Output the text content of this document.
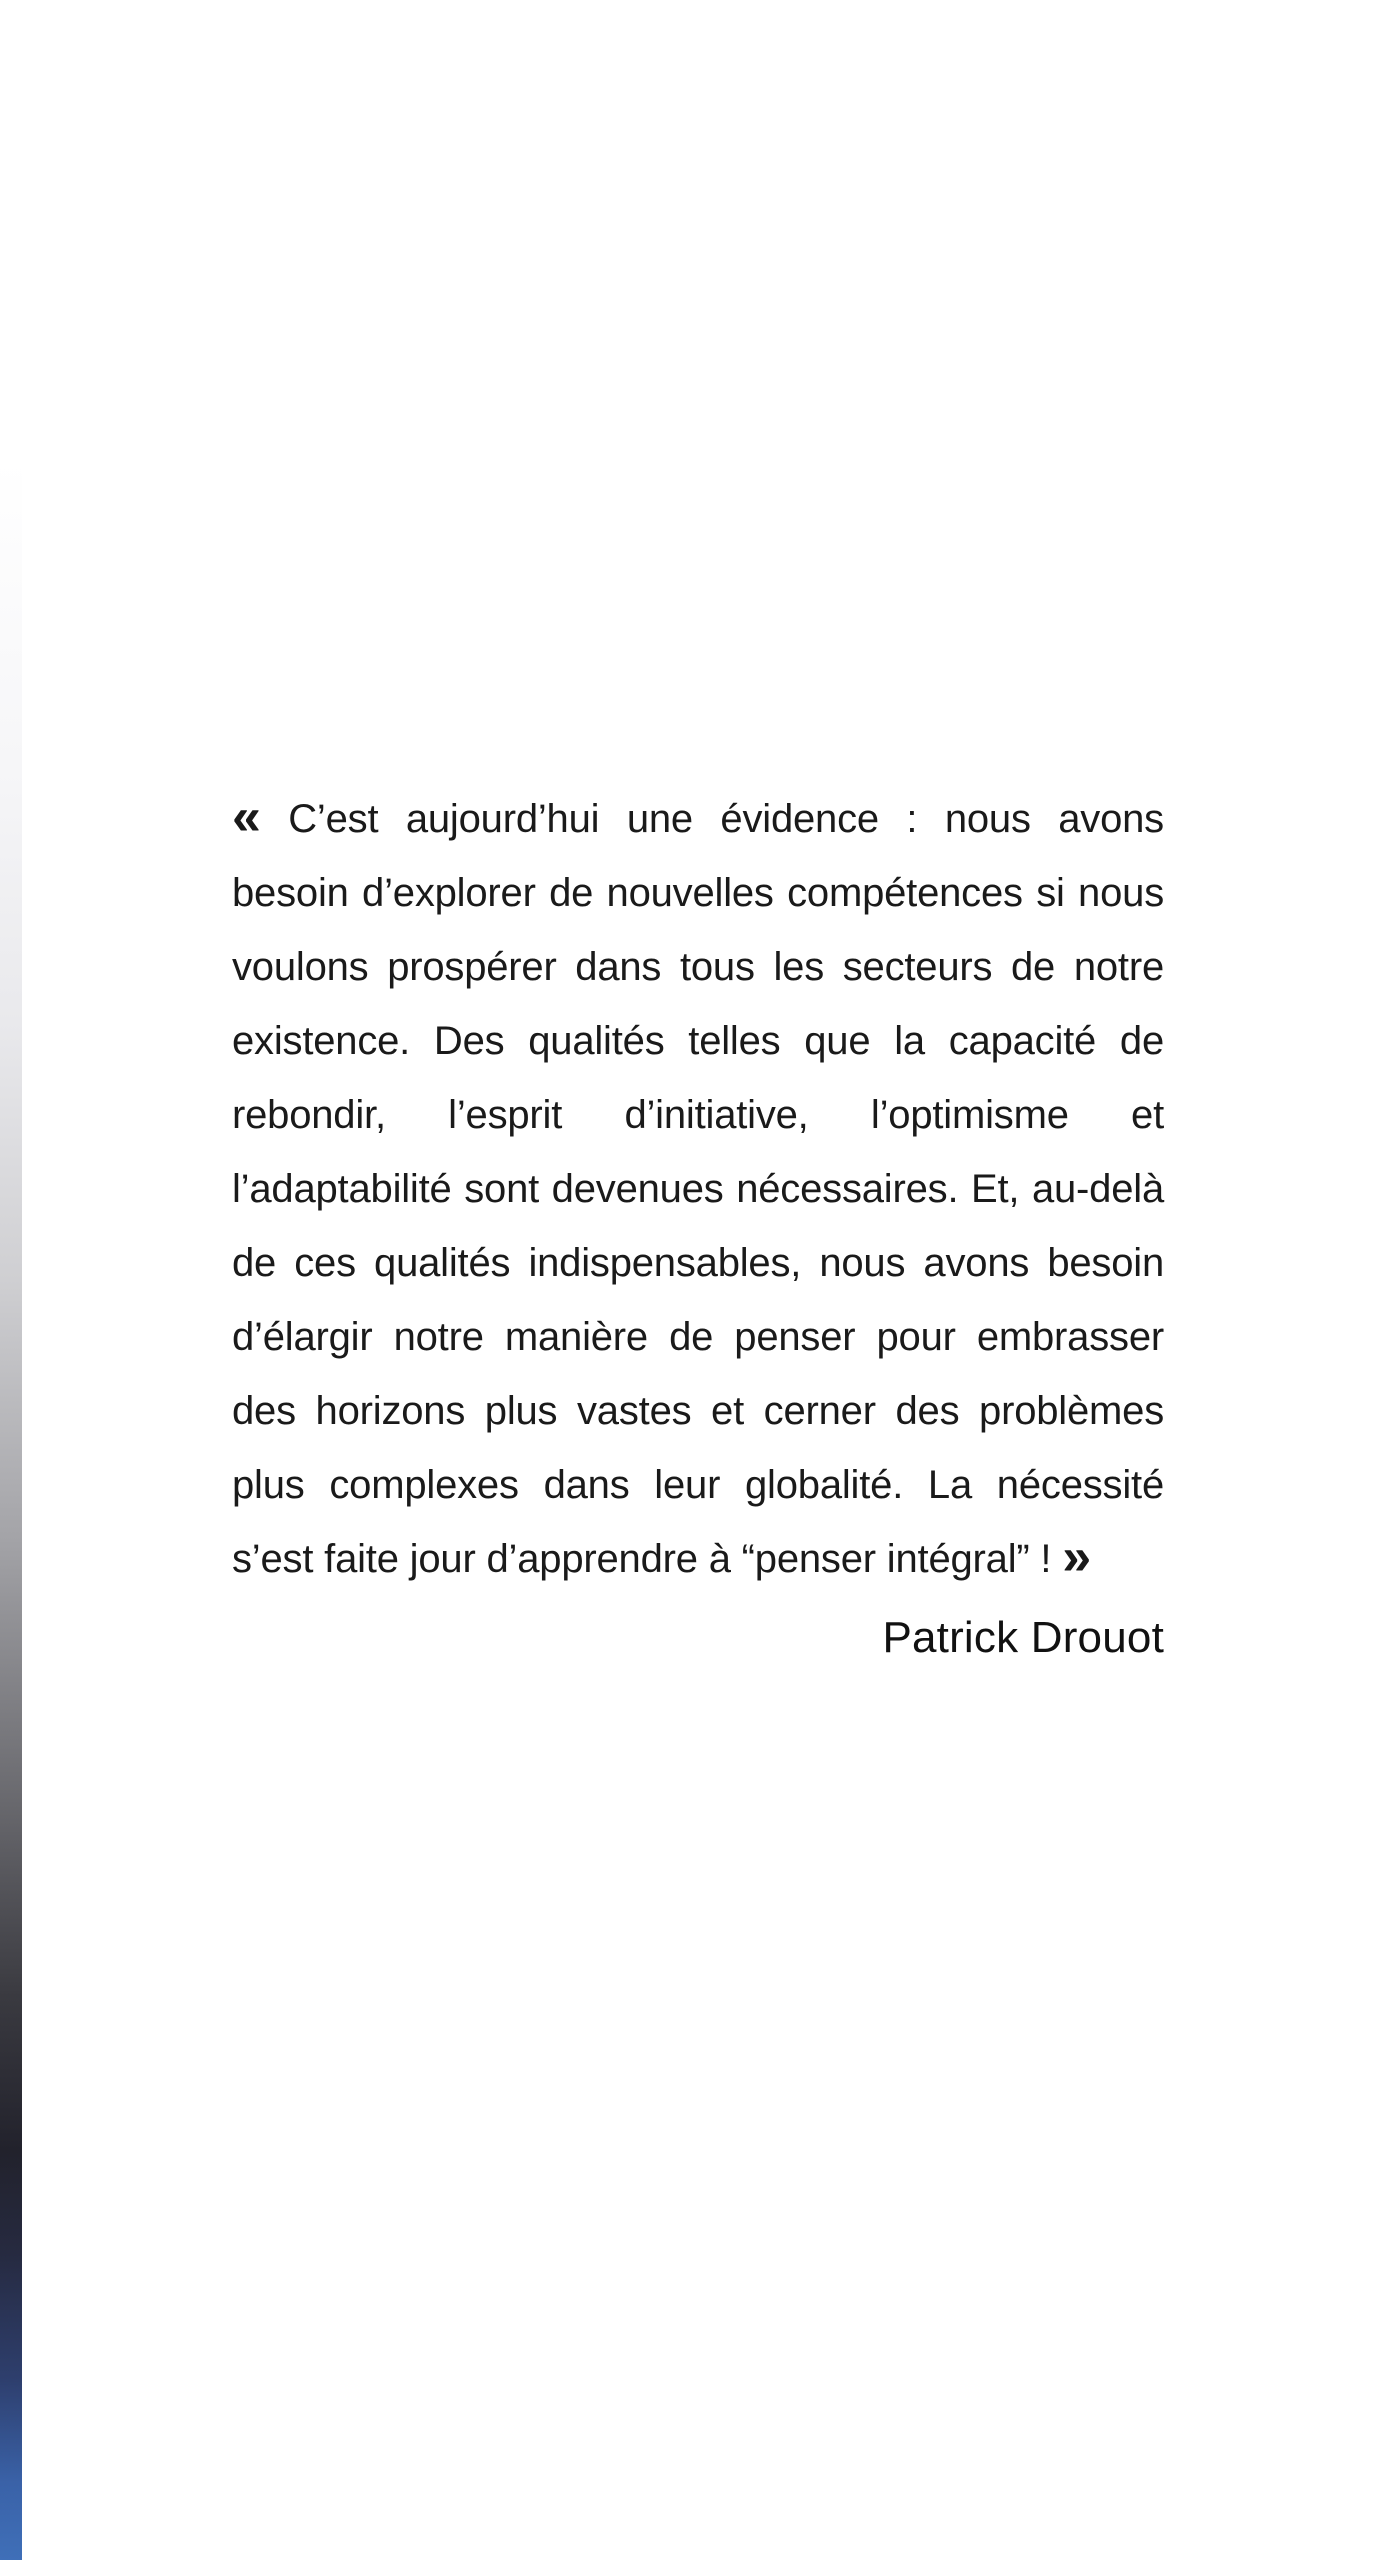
« C’est aujourd’hui une évidence : nous avons besoin d’explorer de nouvelles compétences si nous voulons prospérer dans tous les secteurs de notre existence. Des qualités telles que la capacité de rebondir, l’esprit d’initiative, l’optimisme et l’adaptabilité sont devenues nécessaires. Et, au-delà de ces qualités indispensables, nous avons besoin d’élargir notre manière de penser pour embrasser des horizons plus vastes et cerner des problèmes plus complexes dans leur globalité. La nécessité s’est faite jour d’apprendre à “penser intégral” ! »

Patrick Drouot
